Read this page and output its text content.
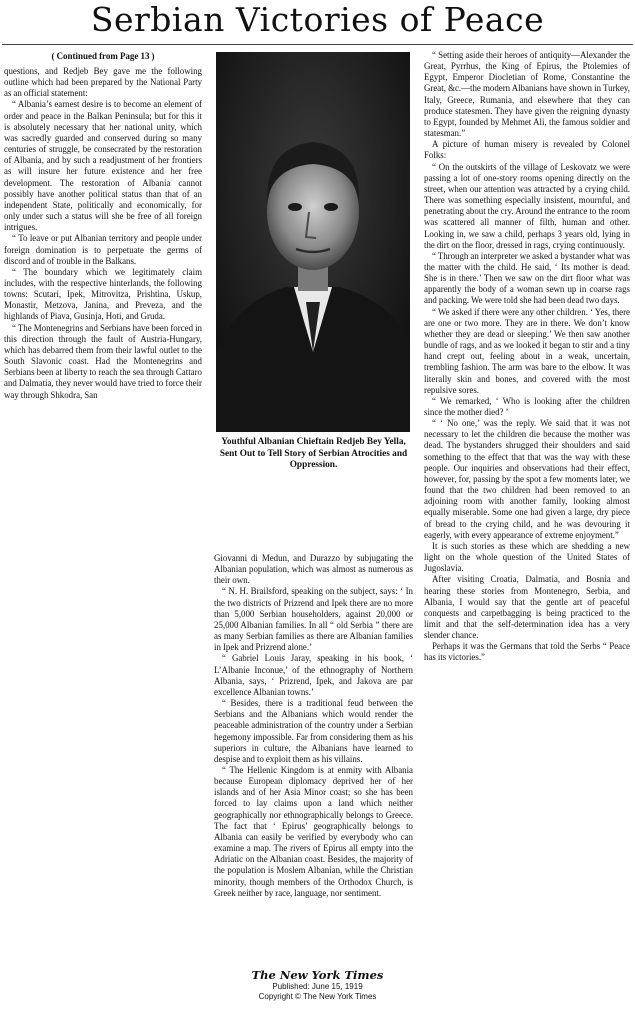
Serbian Victories of Peace
( Continued from Page 13 )

questions, and Redjeb Bey gave me the following outline which had been prepared by the National Party as an official statement:

“ Albania’s earnest desire is to become an element of order and peace in the Balkan Peninsula; but for this it is absolutely necessary that her national unity, which was sacredly guarded and conserved during so many centuries of struggle, be consecrated by the restoration of Albania, and by such a readjustment of her frontiers as will insure her future existence and her free development. The restoration of Albania cannot possibly have another political status than that of an independent State, politically and economically, for only under such a status will she be free of all foreign intrigues.

“ To leave or put Albanian territory and people under foreign domination is to perpetuate the germs of discord and of trouble in the Balkans.

“ The boundary which we legitimately claim includes, with the respective hinterlands, the following towns: Scutari, Ipek, Mitrovitza, Prishtina, Uskup, Monastir, Metzova, Janina, and Preveza, and the highlands of Piava, Gusinja, Hoti, and Gruda.

“ The Montenegrins and Serbians have been forced in this direction through the fault of Austria-Hungary, which has debarred them from their lawful outlet to the South Slavonic coast. Had the Montenegrins and Serbians been at liberty to reach the sea through Cattaro and Dalmatia, they never would have tried to force their way through Shkodra, San

Youthful Albanian Chieftain Redjeb Bey Yella, Sent Out to Tell Story of Serbian Atrocities and Oppression.

Giovanni di Medun, and Durazzo by subjugating the Albanian population, which was almost as numerous as their own.

“ N. H. Brailsford, speaking on the subject, says: ‘ In the two districts of Prizrend and Ipek there are no more than 5,000 Serbian householders, against 20,000 or 25,000 Albanian families. In all “ old Serbia ” there are as many Serbian families as there are Albanian families in Ipek and Prizrend alone.’

“ Gabriel Louis Jaray, speaking in his book, ‘ L’Albanie Inconue,’ of the ethnography of Northern Albania, says, ‘ Prizrend, Ipek, and Jakova are par excellence Albanian towns.’

“ Besides, there is a traditional feud between the Serbians and the Albanians which would render the peaceable administration of the country under a Serbian hegemony impossible. Far from considering them as his superiors in culture, the Albanians have learned to despise and to exploit them as his villains.

“ The Hellenic Kingdom is at enmity with Albania because European diplomacy deprived her of her islands and of her Asia Minor coast; so she has been forced to lay claims upon a land which neither geographically nor ethnographically belongs to Greece. The fact that ‘ Epirus’ geographically belongs to Albania can easily be verified by everybody who can examine a map. The rivers of Epirus all empty into the Adriatic on the Albanian coast. Besides, the majority of the population is Moslem Albanian, while the Christian minority, though members of the Orthodox Church, is Greek neither by race, language, nor sentiment.

“ Setting aside their heroes of antiquity—Alexander the Great, Pyrrhus, the King of Epirus, the Ptolemies of Egypt, Emperor Diocletian of Rome, Constantine the Great, &c.—the modern Albanians have shown in Turkey, Italy, Greece, Rumania, and elsewhere that they can produce statesmen. They have given the reigning dynasty to Egypt, founded by Mehmet Ali, the famous soldier and statesman.”

A picture of human misery is revealed by Colonel Folks:

“ On the outskirts of the village of Leskovatz we were passing a lot of one-story rooms opening directly on the street, when our attention was attracted by a crying child. There was something especially insistent, mournful, and penetrating about the cry. Around the entrance to the room was scattered all manner of filth, human and other. Looking in, we saw a child, perhaps 3 years old, lying in the dirt on the floor, dressed in rags, crying continuously.

“ Through an interpreter we asked a bystander what was the matter with the child. He said, ‘ Its mother is dead. She is in there.’ Then we saw on the dirt floor what was apparently the body of a woman sewn up in coarse rags and packing. We were told she had been dead two days.

“ We asked if there were any other children. ‘ Yes, there are one or two more. They are in there. We don’t know whether they are dead or sleeping.’ We then saw another bundle of rags, and as we looked it began to stir and a tiny hand crept out, feeling about in a weak, uncertain, trembling fashion. The arm was bare to the elbow. It was literally skin and bones, and covered with the most repulsive sores.

“ We remarked, ‘ Who is looking after the children since the mother died? ’

“ ‘ No one,’ was the reply. We said that it was not necessary to let the children die because the mother was dead. The bystanders shrugged their shoulders and said something to the effect that that was the way with these people. Our inquiries and observations had their effect, however, for, passing by the spot a few moments later, we found that the two children had been removed to an adjoining room with another family, looking almost equally miserable. Some one had given a large, dry piece of bread to the crying child, and he was devouring it eagerly, with every appearance of extreme enjoyment.”

It is such stories as these which are shedding a new light on the whole question of the United States of Jugoslavia.

After visiting Croatia, Dalmatia, and Bosnia and hearing these stories from Montenegro, Serbia, and Albania, I would say that the gentle art of peaceful conquests and carpetbagging is being practiced to the limit and that the self-determination idea has a very slender chance.

Perhaps it was the Germans that told the Serbs “ Peace has its victories.”

The New York Times
Published: June 15, 1919
Copyright © The New York Times
